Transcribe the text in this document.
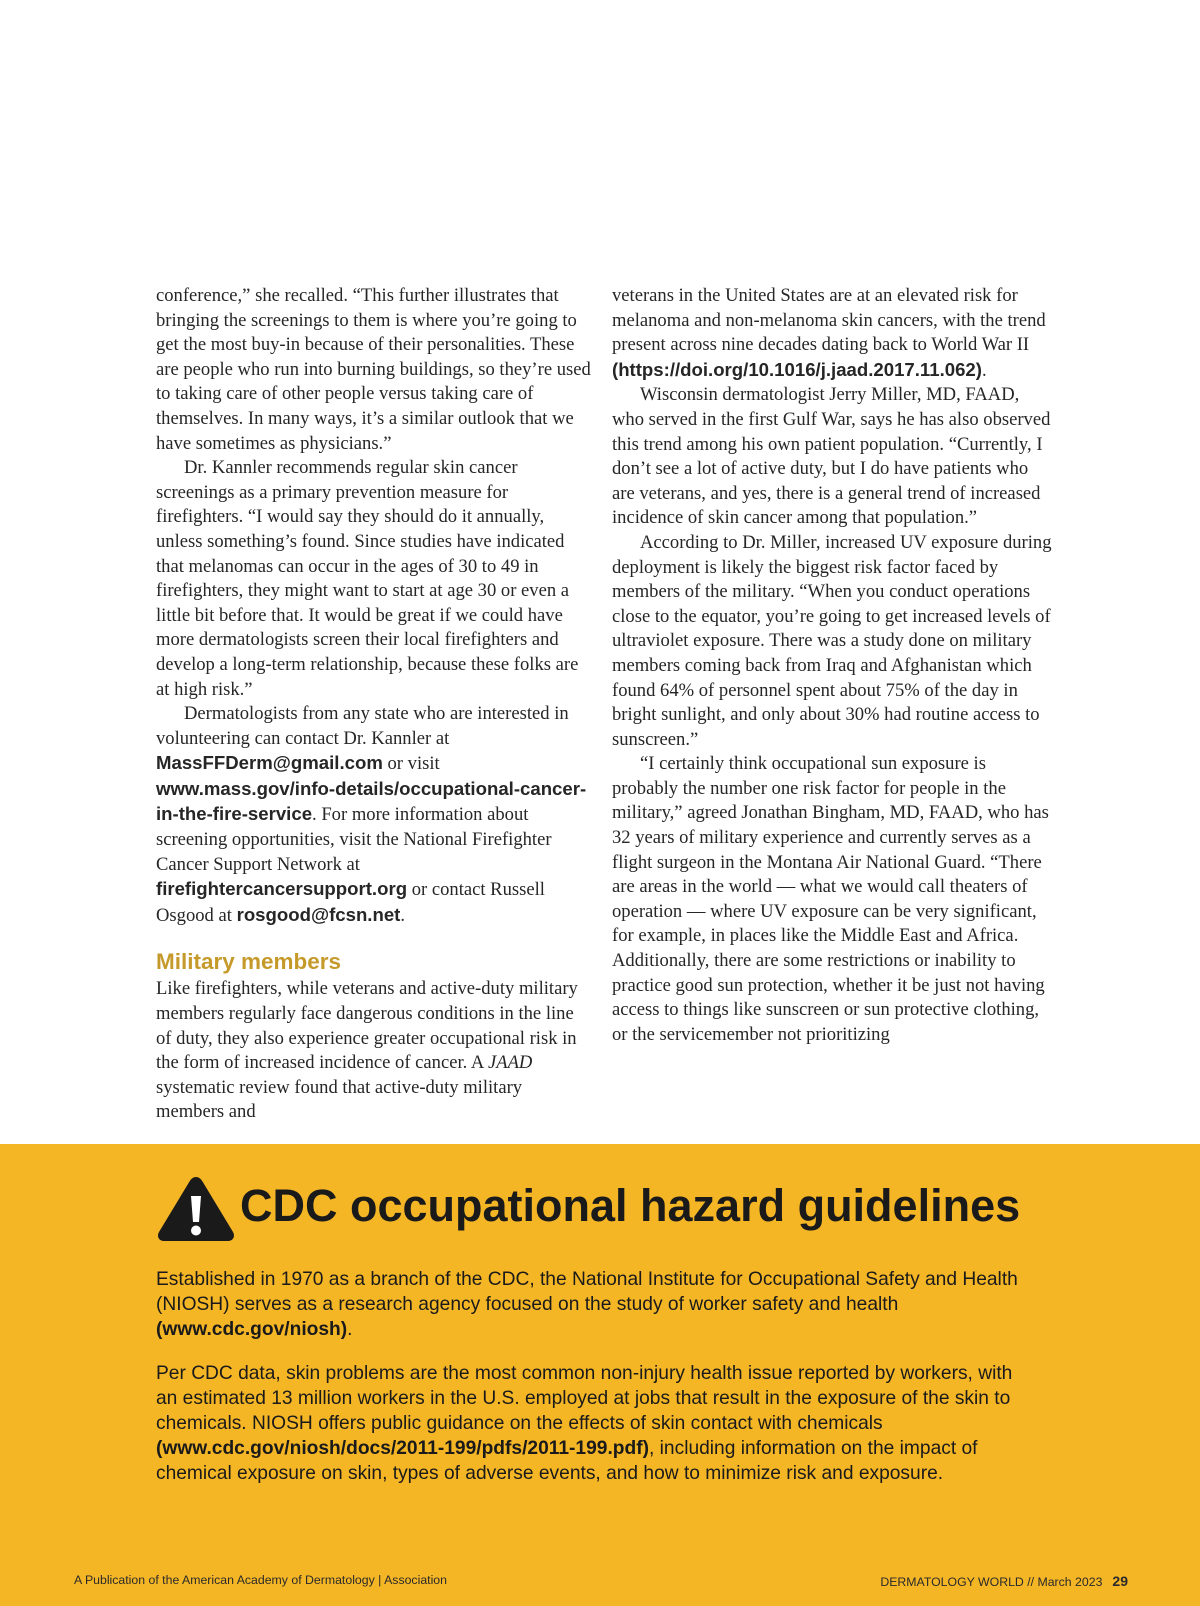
conference,” she recalled. “This further illustrates that bringing the screenings to them is where you’re going to get the most buy-in because of their personalities. These are people who run into burning buildings, so they’re used to taking care of other people versus taking care of themselves. In many ways, it’s a similar outlook that we have sometimes as physicians.”

Dr. Kannler recommends regular skin cancer screenings as a primary prevention measure for firefighters. “I would say they should do it annually, unless something’s found. Since studies have indicated that melanomas can occur in the ages of 30 to 49 in firefighters, they might want to start at age 30 or even a little bit before that. It would be great if we could have more dermatologists screen their local firefighters and develop a long-term relationship, because these folks are at high risk.”

Dermatologists from any state who are interested in volunteering can contact Dr. Kannler at MassFFDerm@gmail.com or visit www.mass.gov/info-details/occupational-cancer-in-the-fire-service. For more information about screening opportunities, visit the National Firefighter Cancer Support Network at firefightercancersupport.org or contact Russell Osgood at rosgood@fcsn.net.

Military members

Like firefighters, while veterans and active-duty military members regularly face dangerous conditions in the line of duty, they also experience greater occupational risk in the form of increased incidence of cancer. A JAAD systematic review found that active-duty military members and

veterans in the United States are at an elevated risk for melanoma and non-melanoma skin cancers, with the trend present across nine decades dating back to World War II (https://doi.org/10.1016/j.jaad.2017.11.062).

Wisconsin dermatologist Jerry Miller, MD, FAAD, who served in the first Gulf War, says he has also observed this trend among his own patient population. “Currently, I don’t see a lot of active duty, but I do have patients who are veterans, and yes, there is a general trend of increased incidence of skin cancer among that population.”

According to Dr. Miller, increased UV exposure during deployment is likely the biggest risk factor faced by members of the military. “When you conduct operations close to the equator, you’re going to get increased levels of ultraviolet exposure. There was a study done on military members coming back from Iraq and Afghanistan which found 64% of personnel spent about 75% of the day in bright sunlight, and only about 30% had routine access to sunscreen.”

“I certainly think occupational sun exposure is probably the number one risk factor for people in the military,” agreed Jonathan Bingham, MD, FAAD, who has 32 years of military experience and currently serves as a flight surgeon in the Montana Air National Guard. “There are areas in the world — what we would call theaters of operation — where UV exposure can be very significant, for example, in places like the Middle East and Africa. Additionally, there are some restrictions or inability to practice good sun protection, whether it be just not having access to things like sunscreen or sun protective clothing, or the servicemember not prioritizing

CDC occupational hazard guidelines

Established in 1970 as a branch of the CDC, the National Institute for Occupational Safety and Health (NIOSH) serves as a research agency focused on the study of worker safety and health (www.cdc.gov/niosh).

Per CDC data, skin problems are the most common non-injury health issue reported by workers, with an estimated 13 million workers in the U.S. employed at jobs that result in the exposure of the skin to chemicals. NIOSH offers public guidance on the effects of skin contact with chemicals (www.cdc.gov/niosh/docs/2011-199/pdfs/2011-199.pdf), including information on the impact of chemical exposure on skin, types of adverse events, and how to minimize risk and exposure.

A Publication of the American Academy of Dermatology | Association	DERMATOLOGY WORLD // March 2023 29
